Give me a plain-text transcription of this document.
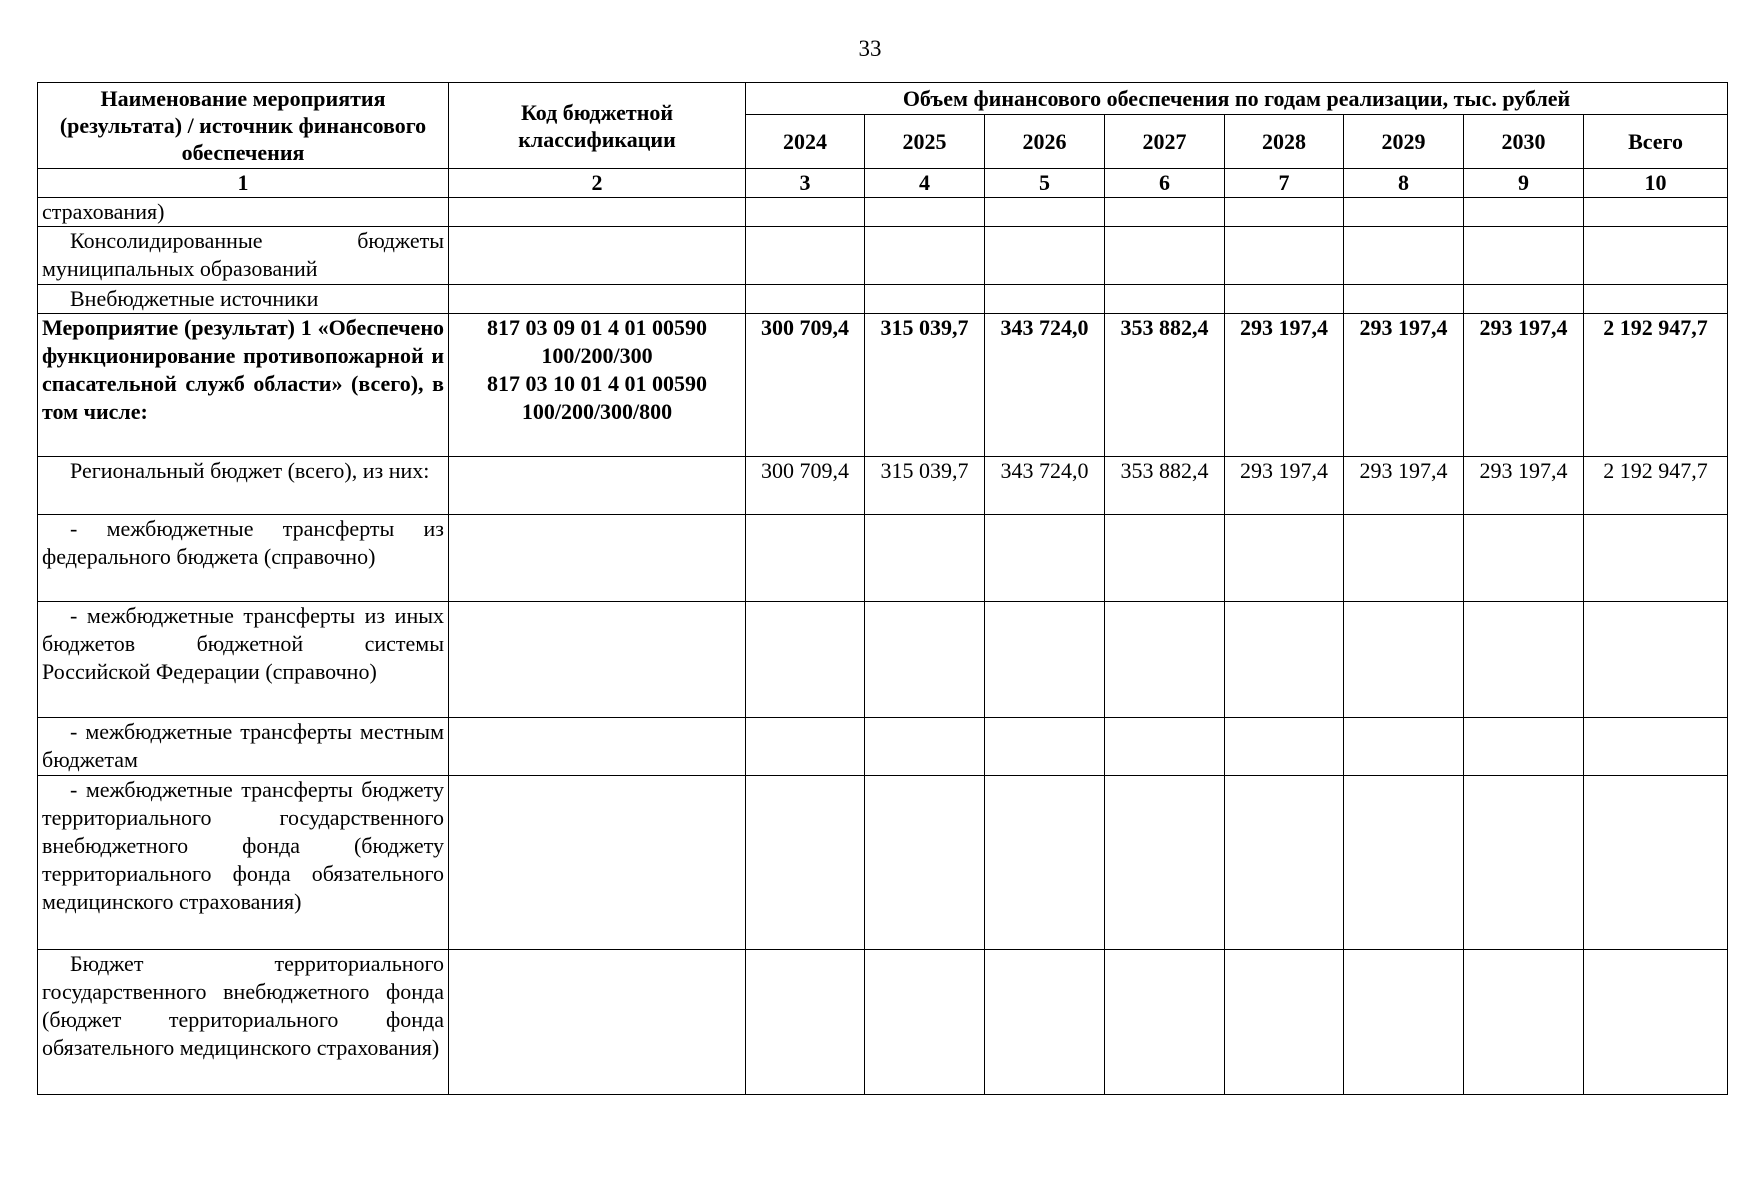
33
Наименование мероприятия (результата) / источник финансового обеспечения	Код бюджетной классификации	Объем финансового обеспечения по годам реализации, тыс. рублей							
		2024	2025	2026	2027	2028	2029	2030	Всего
1	2	3	4	5	6	7	8	9	10
страхования)									
Консолидированные бюджеты муниципальных образований									
Внебюджетные источники									
Мероприятие (результат) 1 «Обеспечено функционирование противопожарной и спасательной служб области» (всего), в том числе:	817 03 09 01 4 01 00590
100/200/300
817 03 10 01 4 01 00590
100/200/300/800	300 709,4	315 039,7	343 724,0	353 882,4	293 197,4	293 197,4	293 197,4	2 192 947,7
Региональный бюджет (всего), из них:		300 709,4	315 039,7	343 724,0	353 882,4	293 197,4	293 197,4	293 197,4	2 192 947,7
- межбюджетные трансферты из федерального бюджета (справочно)									
- межбюджетные трансферты из иных бюджетов бюджетной системы Российской Федерации (справочно)									
- межбюджетные трансферты местным бюджетам									
- межбюджетные трансферты бюджету территориального государственного внебюджетного фонда (бюджету территориального фонда обязательного медицинского страхования)									
Бюджет территориального государственного внебюджетного фонда (бюджет территориального фонда обязательного медицинского страхования)									
